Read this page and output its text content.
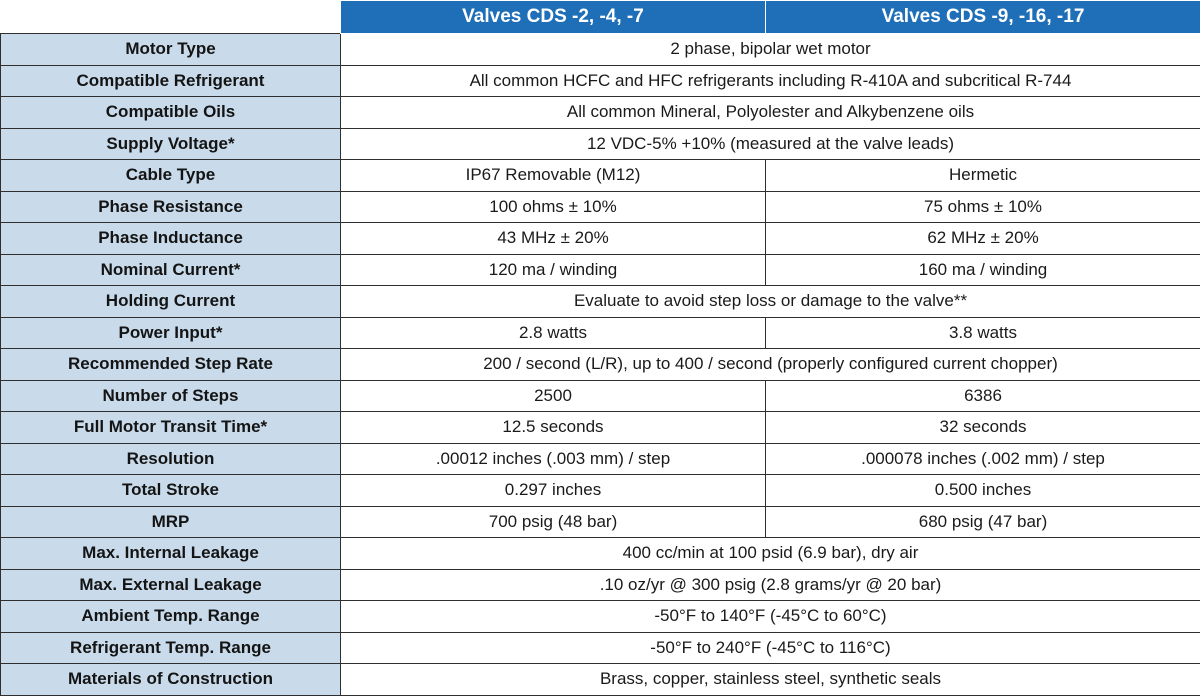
	Valves CDS -2, -4, -7	Valves CDS -9, -16, -17
Motor Type	2 phase, bipolar wet motor	
Compatible Refrigerant	All common HCFC and HFC refrigerants including R-410A and subcritical R-744	
Compatible Oils	All common Mineral, Polyolester and Alkybenzene oils	
Supply Voltage*	12 VDC-5% +10% (measured at the valve leads)	
Cable Type	IP67 Removable (M12)	Hermetic
Phase Resistance	100 ohms ± 10%	75 ohms ± 10%
Phase Inductance	43 MHz ± 20%	62 MHz ± 20%
Nominal Current*	120 ma / winding	160 ma / winding
Holding Current	Evaluate to avoid step loss or damage to the valve**	
Power Input*	2.8 watts	3.8 watts
Recommended Step Rate	200 / second (L/R), up to 400 / second (properly configured current chopper)	
Number of Steps	2500	6386
Full Motor Transit Time*	12.5 seconds	32 seconds
Resolution	.00012 inches (.003 mm) / step	.000078 inches (.002 mm) / step
Total Stroke	0.297 inches	0.500 inches
MRP	700 psig (48 bar)	680 psig (47 bar)
Max. Internal Leakage	400 cc/min at 100 psid (6.9 bar), dry air	
Max. External Leakage	.10 oz/yr @ 300 psig (2.8 grams/yr @ 20 bar)	
Ambient Temp. Range	-50°F to 140°F (-45°C to 60°C)	
Refrigerant Temp. Range	-50°F to 240°F (-45°C to 116°C)	
Materials of Construction	Brass, copper, stainless steel, synthetic seals	
